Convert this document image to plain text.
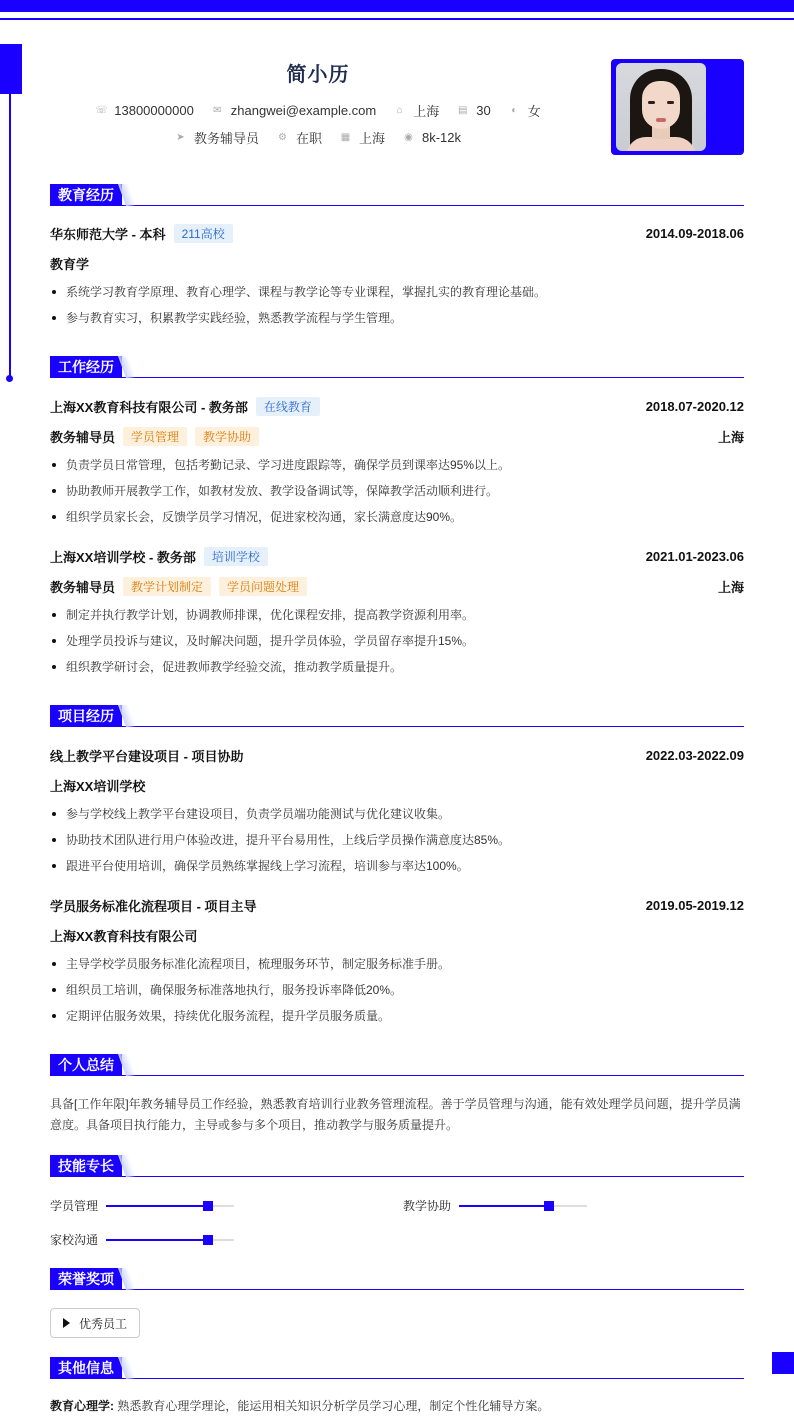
简小历
☏ 13800000000 ✉ zhangwei@example.com ⌂ 上海 ▤ 30 ◐ 女
➤ 教务辅导员 ⚙ 在职 ▦ 上海 ◉ 8k-12k
教育经历
华东师范大学 - 本科	211高校	2014.09-2018.06
教育学
系统学习教育学原理、教育心理学、课程与教学论等专业课程，掌握扎实的教育理论基础。
参与教育实习，积累教学实践经验，熟悉教学流程与学生管理。
工作经历
上海XX教育科技有限公司 - 教务部	在线教育	2018.07-2020.12
教务辅导员	学员管理	教学协助	上海
负责学员日常管理，包括考勤记录、学习进度跟踪等，确保学员到课率达95%以上。
协助教师开展教学工作，如教材发放、教学设备调试等，保障教学活动顺利进行。
组织学员家长会，反馈学员学习情况，促进家校沟通，家长满意度达90%。
上海XX培训学校 - 教务部	培训学校	2021.01-2023.06
教务辅导员	教学计划制定	学员问题处理	上海
制定并执行教学计划，协调教师排课，优化课程安排，提高教学资源利用率。
处理学员投诉与建议，及时解决问题，提升学员体验，学员留存率提升15%。
组织教学研讨会，促进教师教学经验交流，推动教学质量提升。
项目经历
线上教学平台建设项目 - 项目协助	2022.03-2022.09
上海XX培训学校
参与学校线上教学平台建设项目，负责学员端功能测试与优化建议收集。
协助技术团队进行用户体验改进，提升平台易用性，上线后学员操作满意度达85%。
跟进平台使用培训，确保学员熟练掌握线上学习流程，培训参与率达100%。
学员服务标准化流程项目 - 项目主导	2019.05-2019.12
上海XX教育科技有限公司
主导学校学员服务标准化流程项目，梳理服务环节，制定服务标准手册。
组织员工培训，确保服务标准落地执行，服务投诉率降低20%。
定期评估服务效果，持续优化服务流程，提升学员服务质量。
个人总结
具备[工作年限]年教务辅导员工作经验，熟悉教育培训行业教务管理流程。善于学员管理与沟通，能有效处理学员问题，提升学员满意度。具备项目执行能力，主导或参与多个项目，推动教学与服务质量提升。
技能专长
学员管理	教学协助
家校沟通
荣誉奖项
优秀员工
其他信息
教育心理学: 熟悉教育心理学理论，能运用相关知识分析学员学习心理，制定个性化辅导方案。
